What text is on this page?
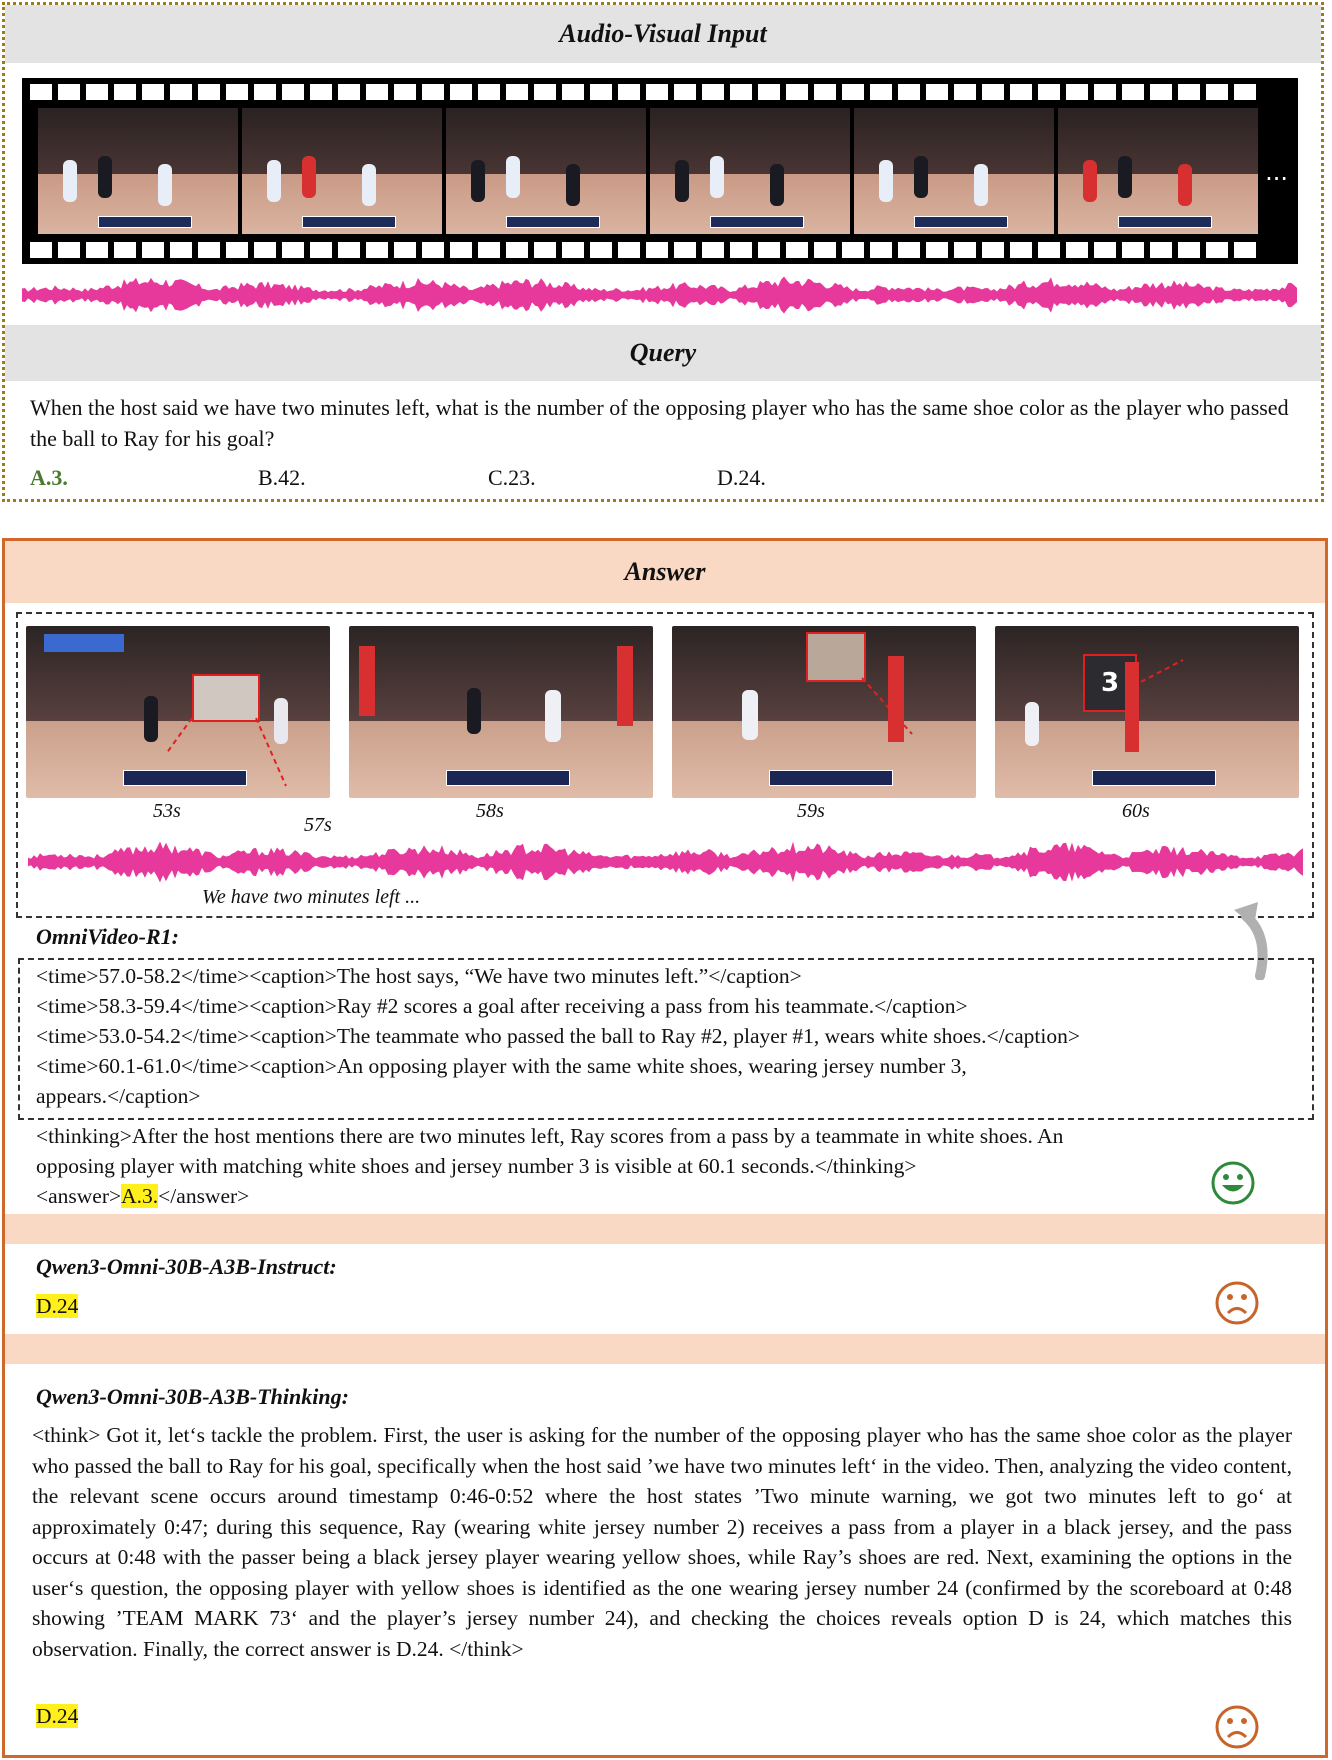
Audio-Visual Input
...
Query
When the host said we have two minutes left, what is the number of the opposing player who has the same shoe color as the player who passed the ball to Ray for his goal?
A.3.	B.42.	C.23.	D.24.
Answer
3
53s
57s
58s	59s	60s
We have two minutes left ...
OmniVideo-R1:
<time>57.0-58.2</time><caption>The host says, “We have two minutes left.”</caption>
<time>58.3-59.4</time><caption>Ray #2 scores a goal after receiving a pass from his teammate.</caption>
<time>53.0-54.2</time><caption>The teammate who passed the ball to Ray #2, player #1, wears white shoes.</caption>
<time>60.1-61.0</time><caption>An opposing player with the same white shoes, wearing jersey number 3,
appears.</caption>
<thinking>After the host mentions there are two minutes left, Ray scores from a pass by a teammate in white shoes. An
opposing player with matching white shoes and jersey number 3 is visible at 60.1 seconds.</thinking>
<answer>A.3.</answer>
Qwen3-Omni-30B-A3B-Instruct:
D.24
Qwen3-Omni-30B-A3B-Thinking:
<think> Got it, let‘s tackle the problem. First, the user is asking for the number of the opposing player who has the same shoe color as the player who passed the ball to Ray for his goal, specifically when the host said ’we have two minutes left‘ in the video. Then, analyzing the video content, the relevant scene occurs around timestamp 0:46-0:52 where the host states ’Two minute warning, we got two minutes left to go‘ at approximately 0:47; during this sequence, Ray (wearing white jersey number 2) receives a pass from a player in a black jersey, and the pass occurs at 0:48 with the passer being a black jersey player wearing yellow shoes, while Ray’s shoes are red. Next, examining the options in the user‘s question, the opposing player with yellow shoes is identified as the one wearing jersey number 24 (confirmed by the scoreboard at 0:48 showing ’TEAM MARK 73‘ and the player’s jersey number 24), and checking the choices reveals option D is 24, which matches this observation. Finally, the correct answer is D.24. </think>
D.24
